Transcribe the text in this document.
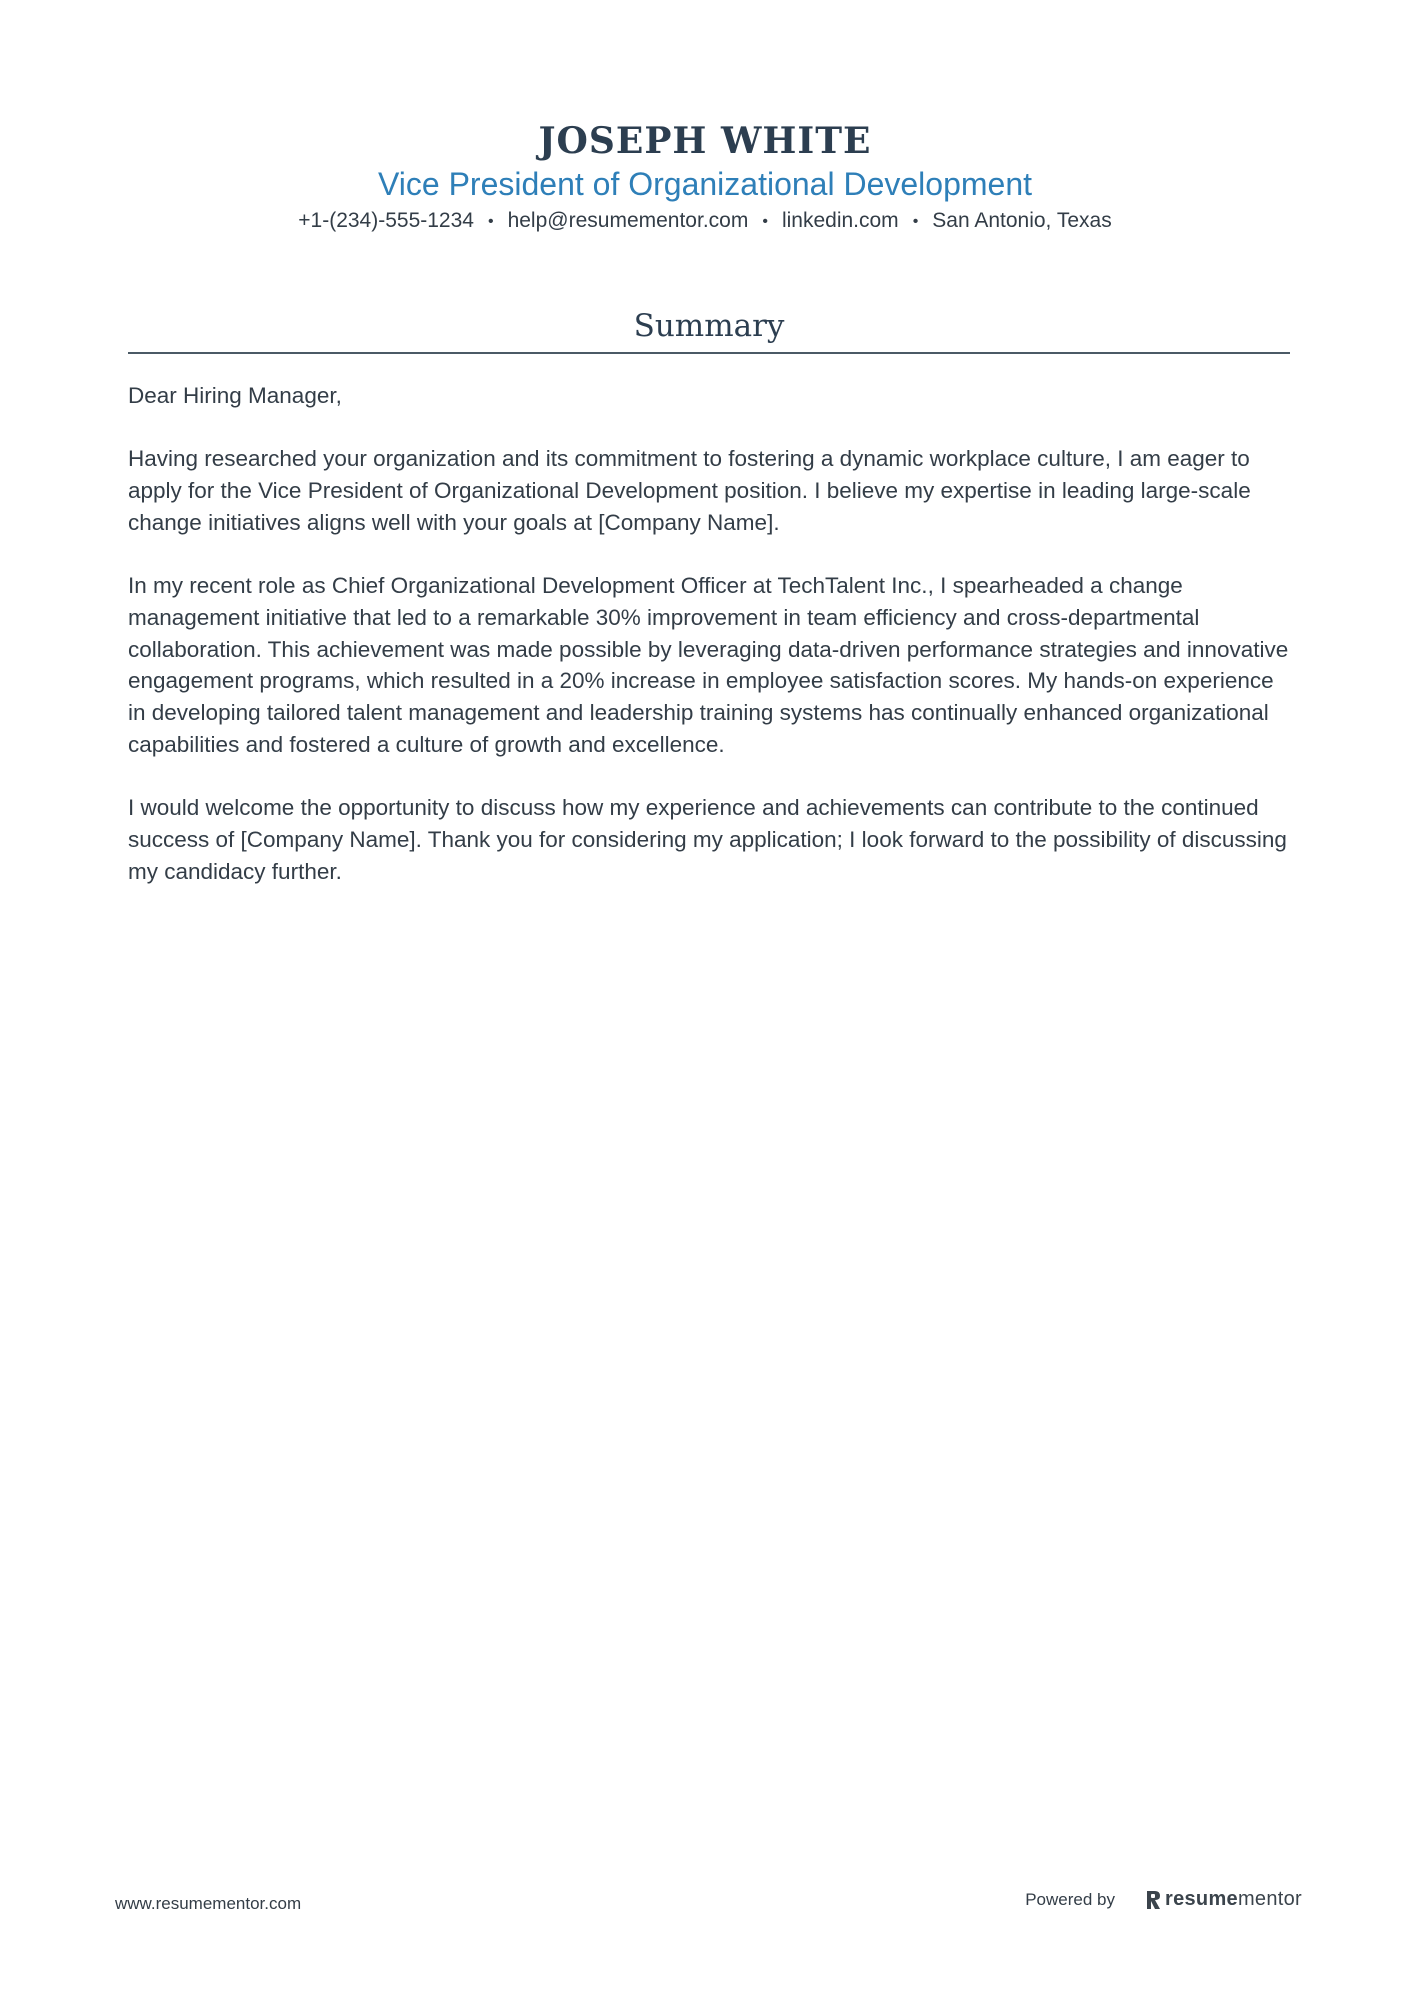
JOSEPH WHITE
Vice President of Organizational Development
+1-(234)-555-1234 • help@resumementor.com • linkedin.com • San Antonio, Texas
Summary

Dear Hiring Manager,

Having researched your organization and its commitment to fostering a dynamic workplace culture, I am eager to apply for the Vice President of Organizational Development position. I believe my expertise in leading large-scale change initiatives aligns well with your goals at [Company Name].

In my recent role as Chief Organizational Development Officer at TechTalent Inc., I spearheaded a change management initiative that led to a remarkable 30% improvement in team efficiency and cross-departmental collaboration. This achievement was made possible by leveraging data-driven performance strategies and innovative engagement programs, which resulted in a 20% increase in employee satisfaction scores. My hands-on experience in developing tailored talent management and leadership training systems has continually enhanced organizational capabilities and fostered a culture of growth and excellence.

I would welcome the opportunity to discuss how my experience and achievements can contribute to the continued success of [Company Name]. Thank you for considering my application; I look forward to the possibility of discussing my candidacy further.

www.resumementor.com	Powered by	resume mentor
